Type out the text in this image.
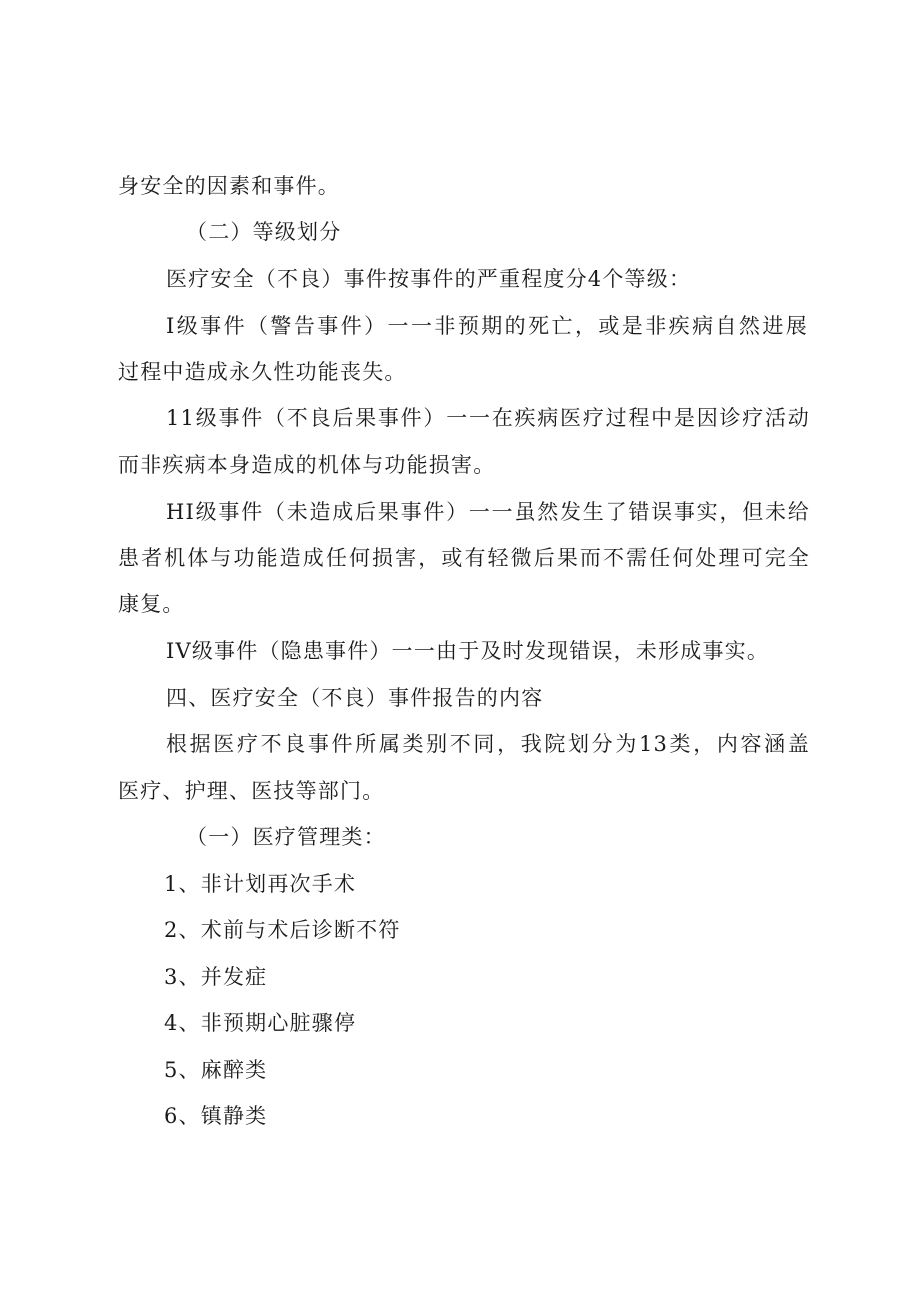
身安全的因素和事件。

（二）等级划分

医疗安全（不良）事件按事件的严重程度分4个等级：

I级事件（警告事件）一一非预期的死亡，或是非疾病自然进展

过程中造成永久性功能丧失。

11级事件（不良后果事件）一一在疾病医疗过程中是因诊疗活动

而非疾病本身造成的机体与功能损害。

HI级事件（未造成后果事件）一一虽然发生了错误事实，但未给

患者机体与功能造成任何损害，或有轻微后果而不需任何处理可完全

康复。

IV级事件（隐患事件）一一由于及时发现错误，未形成事实。

四、医疗安全（不良）事件报告的内容

根据医疗不良事件所属类别不同，我院划分为13类，内容涵盖

医疗、护理、医技等部门。

（一）医疗管理类：

1、非计划再次手术

2、术前与术后诊断不符

3、并发症

4、非预期心脏骤停

5、麻醉类

6、镇静类
